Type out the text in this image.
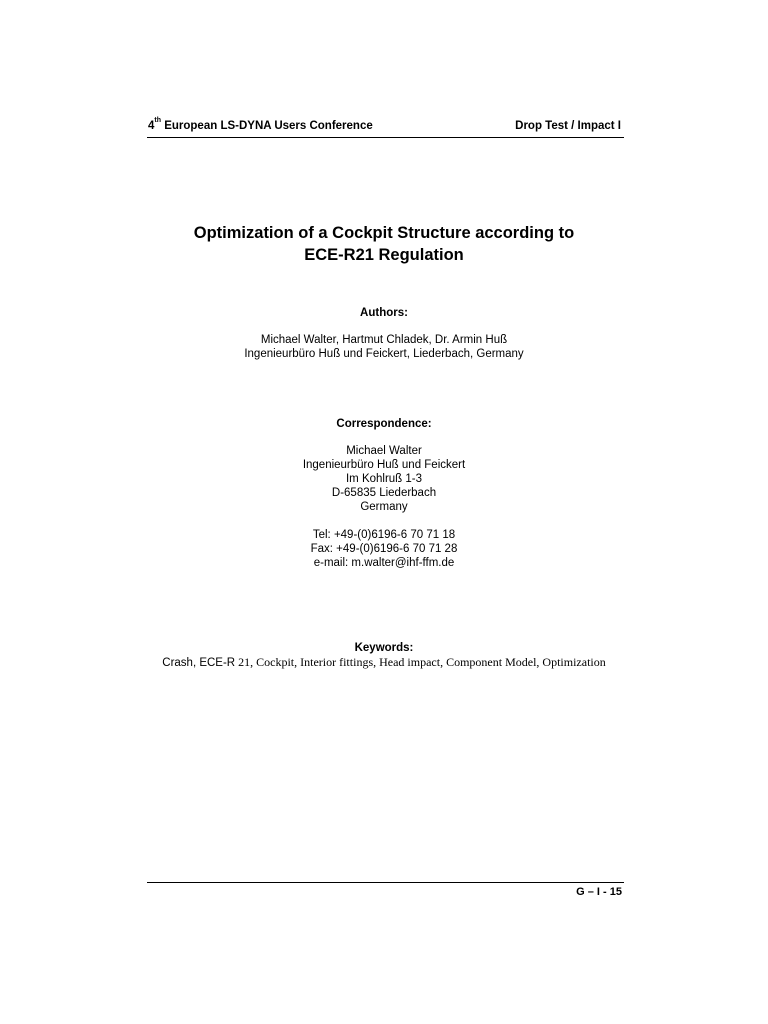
4th European LS-DYNA Users Conference	Drop Test / Impact I
Optimization of a Cockpit Structure according to
ECE-R21 Regulation
Authors:
Michael Walter, Hartmut Chladek, Dr. Armin Huß
Ingenieurbüro Huß und Feickert, Liederbach, Germany
Correspondence:
Michael Walter
Ingenieurbüro Huß und Feickert
Im Kohlruß 1-3
D-65835 Liederbach
Germany
Tel: +49-(0)6196-6 70 71 18
Fax: +49-(0)6196-6 70 71 28
e-mail: m.walter@ihf-ffm.de
Keywords:
Crash, ECE-R 21, Cockpit, Interior fittings, Head impact, Component Model, Optimization
G – I - 15
